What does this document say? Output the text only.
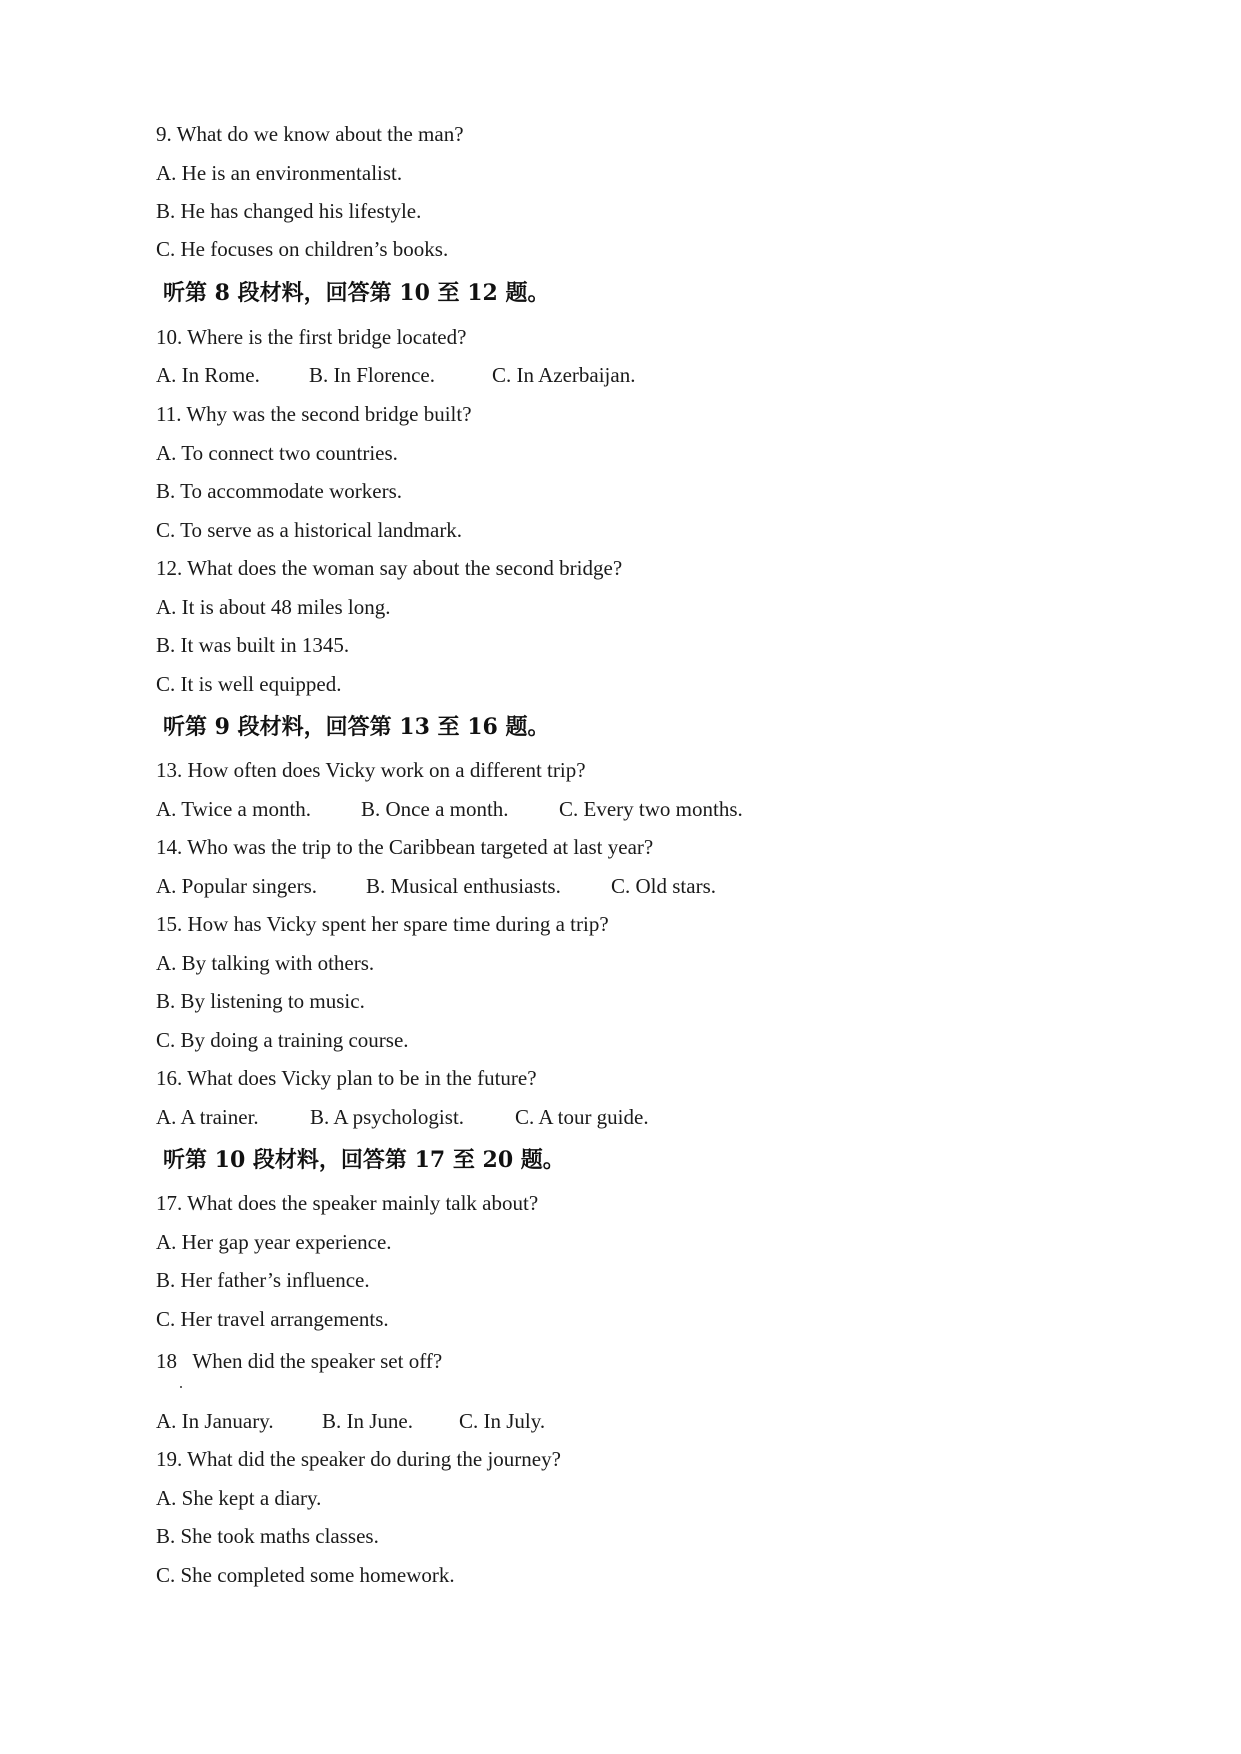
9. What do we know about the man?

A. He is an environmentalist.

B. He has changed his lifestyle.

C. He focuses on children’s books.

听第 8 段材料，回答第 10 至 12 题。

10. Where is the first bridge located?

A. In Rome. B. In Florence.	C. In Azerbaijan.

11. Why was the second bridge built?

A. To connect two countries.

B. To accommodate workers.

C. To serve as a historical landmark.

12. What does the woman say about the second bridge?

A. It is about 48 miles long.

B. It was built in 1345.

C. It is well equipped.

听第 9 段材料，回答第 13 至 16 题。

13. How often does Vicky work on a different trip?

A. Twice a month. B. Once a month. C. Every two months.

14. Who was the trip to the Caribbean targeted at last year?

A. Popular singers. B. Musical enthusiasts. C. Old stars.

15. How has Vicky spent her spare time during a trip?

A. By talking with others.

B. By listening to music.

C. By doing a training course.

16. What does Vicky plan to be in the future?

A. A trainer. B. A psychologist. C. A tour guide.

听第 10 段材料，回答第 17 至 20 题。

17. What does the speaker mainly talk about?

A. Her gap year experience.

B. Her father’s influence.

C. Her travel arrangements.

18   When did the speaker set off?

A. In January. B. In June. C. In July.

19. What did the speaker do during the journey?

A. She kept a diary.

B. She took maths classes.

C. She completed some homework.
